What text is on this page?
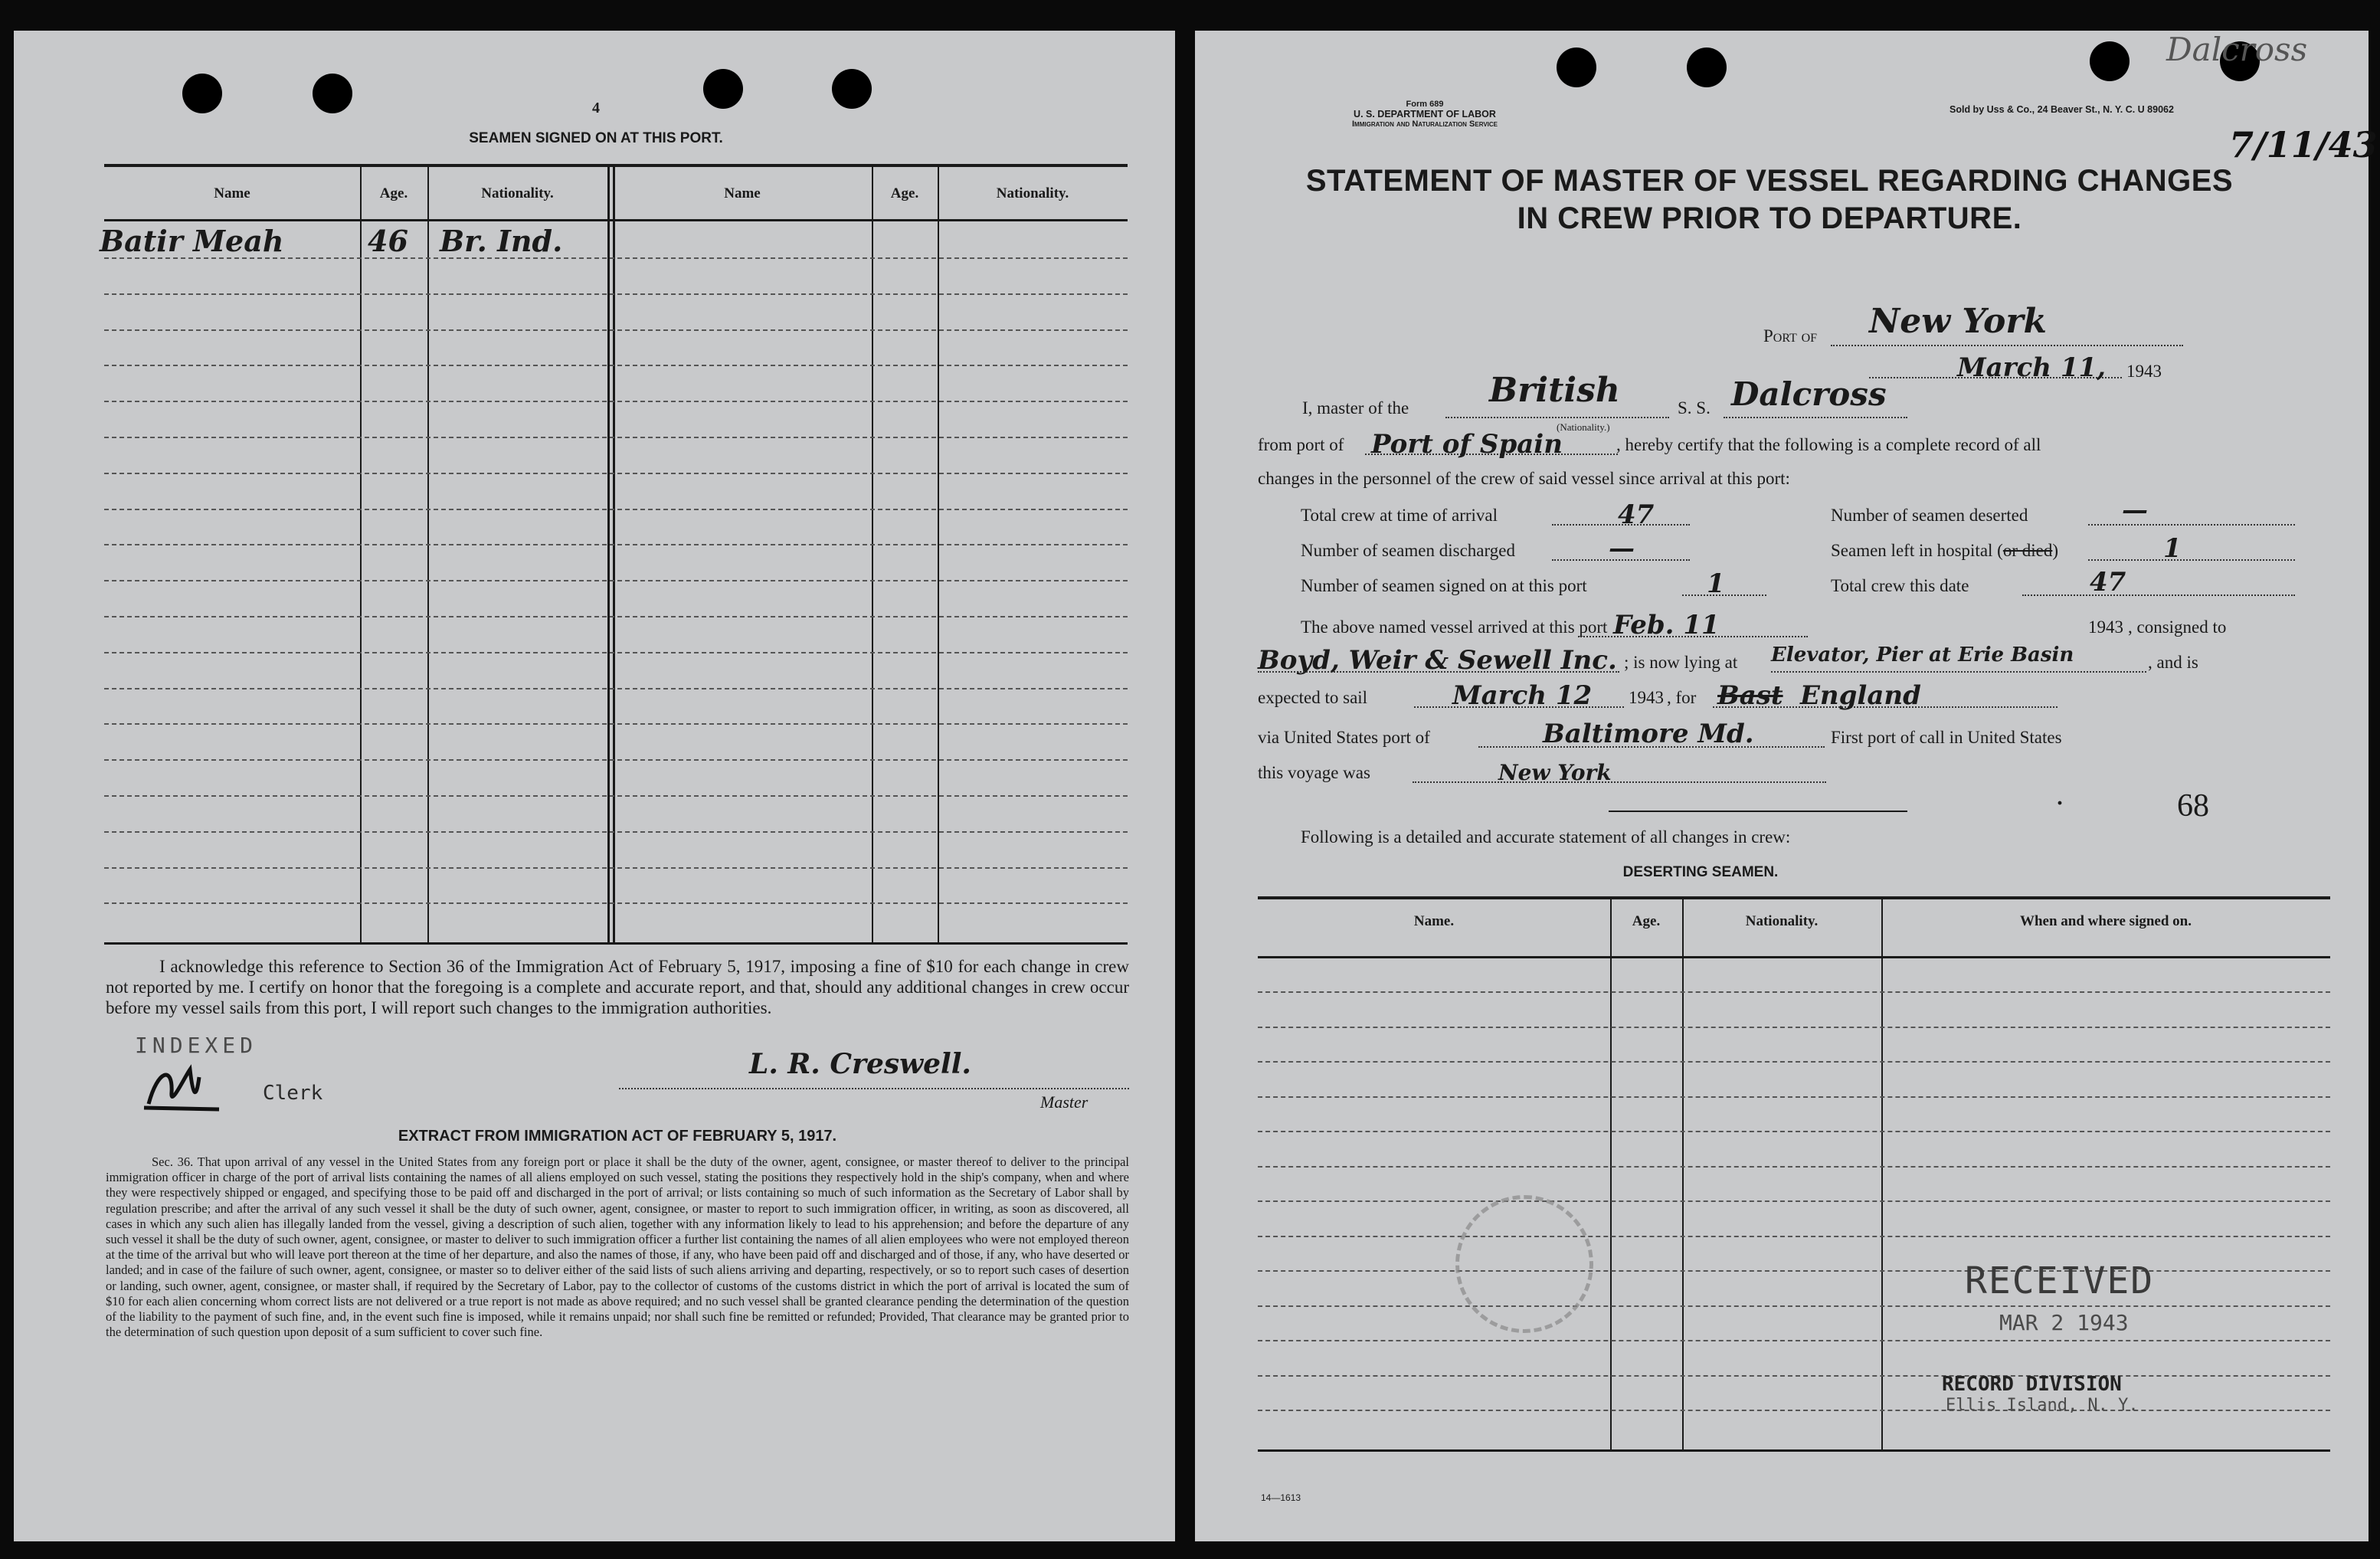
4
SEAMEN SIGNED ON AT THIS PORT.
Name	Age.	Nationality.	Name	Age.	Nationality.
Batir Meah	46 Br. Ind.
I acknowledge this reference to Section 36 of the Immigration Act of February 5, 1917, imposing a fine of $10 for each change in crew not reported by me. I certify on honor that the foregoing is a complete and accurate report, and that, should any additional changes in crew occur before my vessel sails from this port, I will report such changes to the immigration authorities.
INDEXED
Clerk
L. R. Creswell.
Master
EXTRACT FROM IMMIGRATION ACT OF FEBRUARY 5, 1917.
Sec. 36. That upon arrival of any vessel in the United States from any foreign port or place it shall be the duty of the owner, agent, consignee, or master thereof to deliver to the principal immigration officer in charge of the port of arrival lists containing the names of all aliens employed on such vessel, stating the positions they respectively hold in the ship's company, when and where they were respectively shipped or engaged, and specifying those to be paid off and discharged in the port of arrival; or lists containing so much of such information as the Secretary of Labor shall by regulation prescribe; and after the arrival of any such vessel it shall be the duty of such owner, agent, consignee, or master to report to such immigration officer, in writing, as soon as discovered, all cases in which any such alien has illegally landed from the vessel, giving a description of such alien, together with any information likely to lead to his apprehension; and before the departure of any such vessel it shall be the duty of such owner, agent, consignee, or master to deliver to such immigration officer a further list containing the names of all alien employees who were not employed thereon at the time of the arrival but who will leave port thereon at the time of her departure, and also the names of those, if any, who have been paid off and discharged and of those, if any, who have deserted or landed; and in case of the failure of such owner, agent, consignee, or master so to deliver either of the said lists of such aliens arriving and departing, respectively, or so to report such cases of desertion or landing, such owner, agent, consignee, or master shall, if required by the Secretary of Labor, pay to the collector of customs of the customs district in which the port of arrival is located the sum of $10 for each alien concerning whom correct lists are not delivered or a true report is not made as above required; and no such vessel shall be granted clearance pending the determination of the question of the liability to the payment of such fine, and, in the event such fine is imposed, while it remains unpaid; nor shall such fine be remitted or refunded; Provided, That clearance may be granted prior to the determination of such question upon deposit of a sum sufficient to cover such fine.
Dalcross
7/11/43
Form 689
U. S. DEPARTMENT OF LABOR
Immigration and Naturalization Service
Sold by Uss & Co., 24 Beaver St., N. Y. C. U 89062
STATEMENT OF MASTER OF VESSEL REGARDING CHANGES
IN CREW PRIOR TO DEPARTURE.
Port of New York
March 11, 1943
I, master of the British
(Nationality.)
S. S. Dalcross
from port of Port of Spain	, hereby certify that the following is a complete record of all
changes in the personnel of the crew of said vessel since arrival at this port:
Total crew at time of arrival	47
Number of seamen discharged	—
Number of seamen signed on at this port	1
Number of seamen deserted	—
Seamen left in hospital (or died)	1
Total crew this date	47
The above named vessel arrived at this port Feb. 11	1943 , consigned to
Boyd, Weir & Sewell Inc. ; is now lying at Elevator, Pier at Erie Basin	, and is
expected to sail	March 12 1943 , for Bast England
via United States port of	Baltimore Md.	First port of call in United States
this voyage was	New York
·	68
Following is a detailed and accurate statement of all changes in crew:
DESERTING SEAMEN.
Name.	Age.	Nationality.	When and where signed on.
RECEIVED
MAR 2 1943
RECORD DIVISION
Ellis Island, N. Y.
14—1613
